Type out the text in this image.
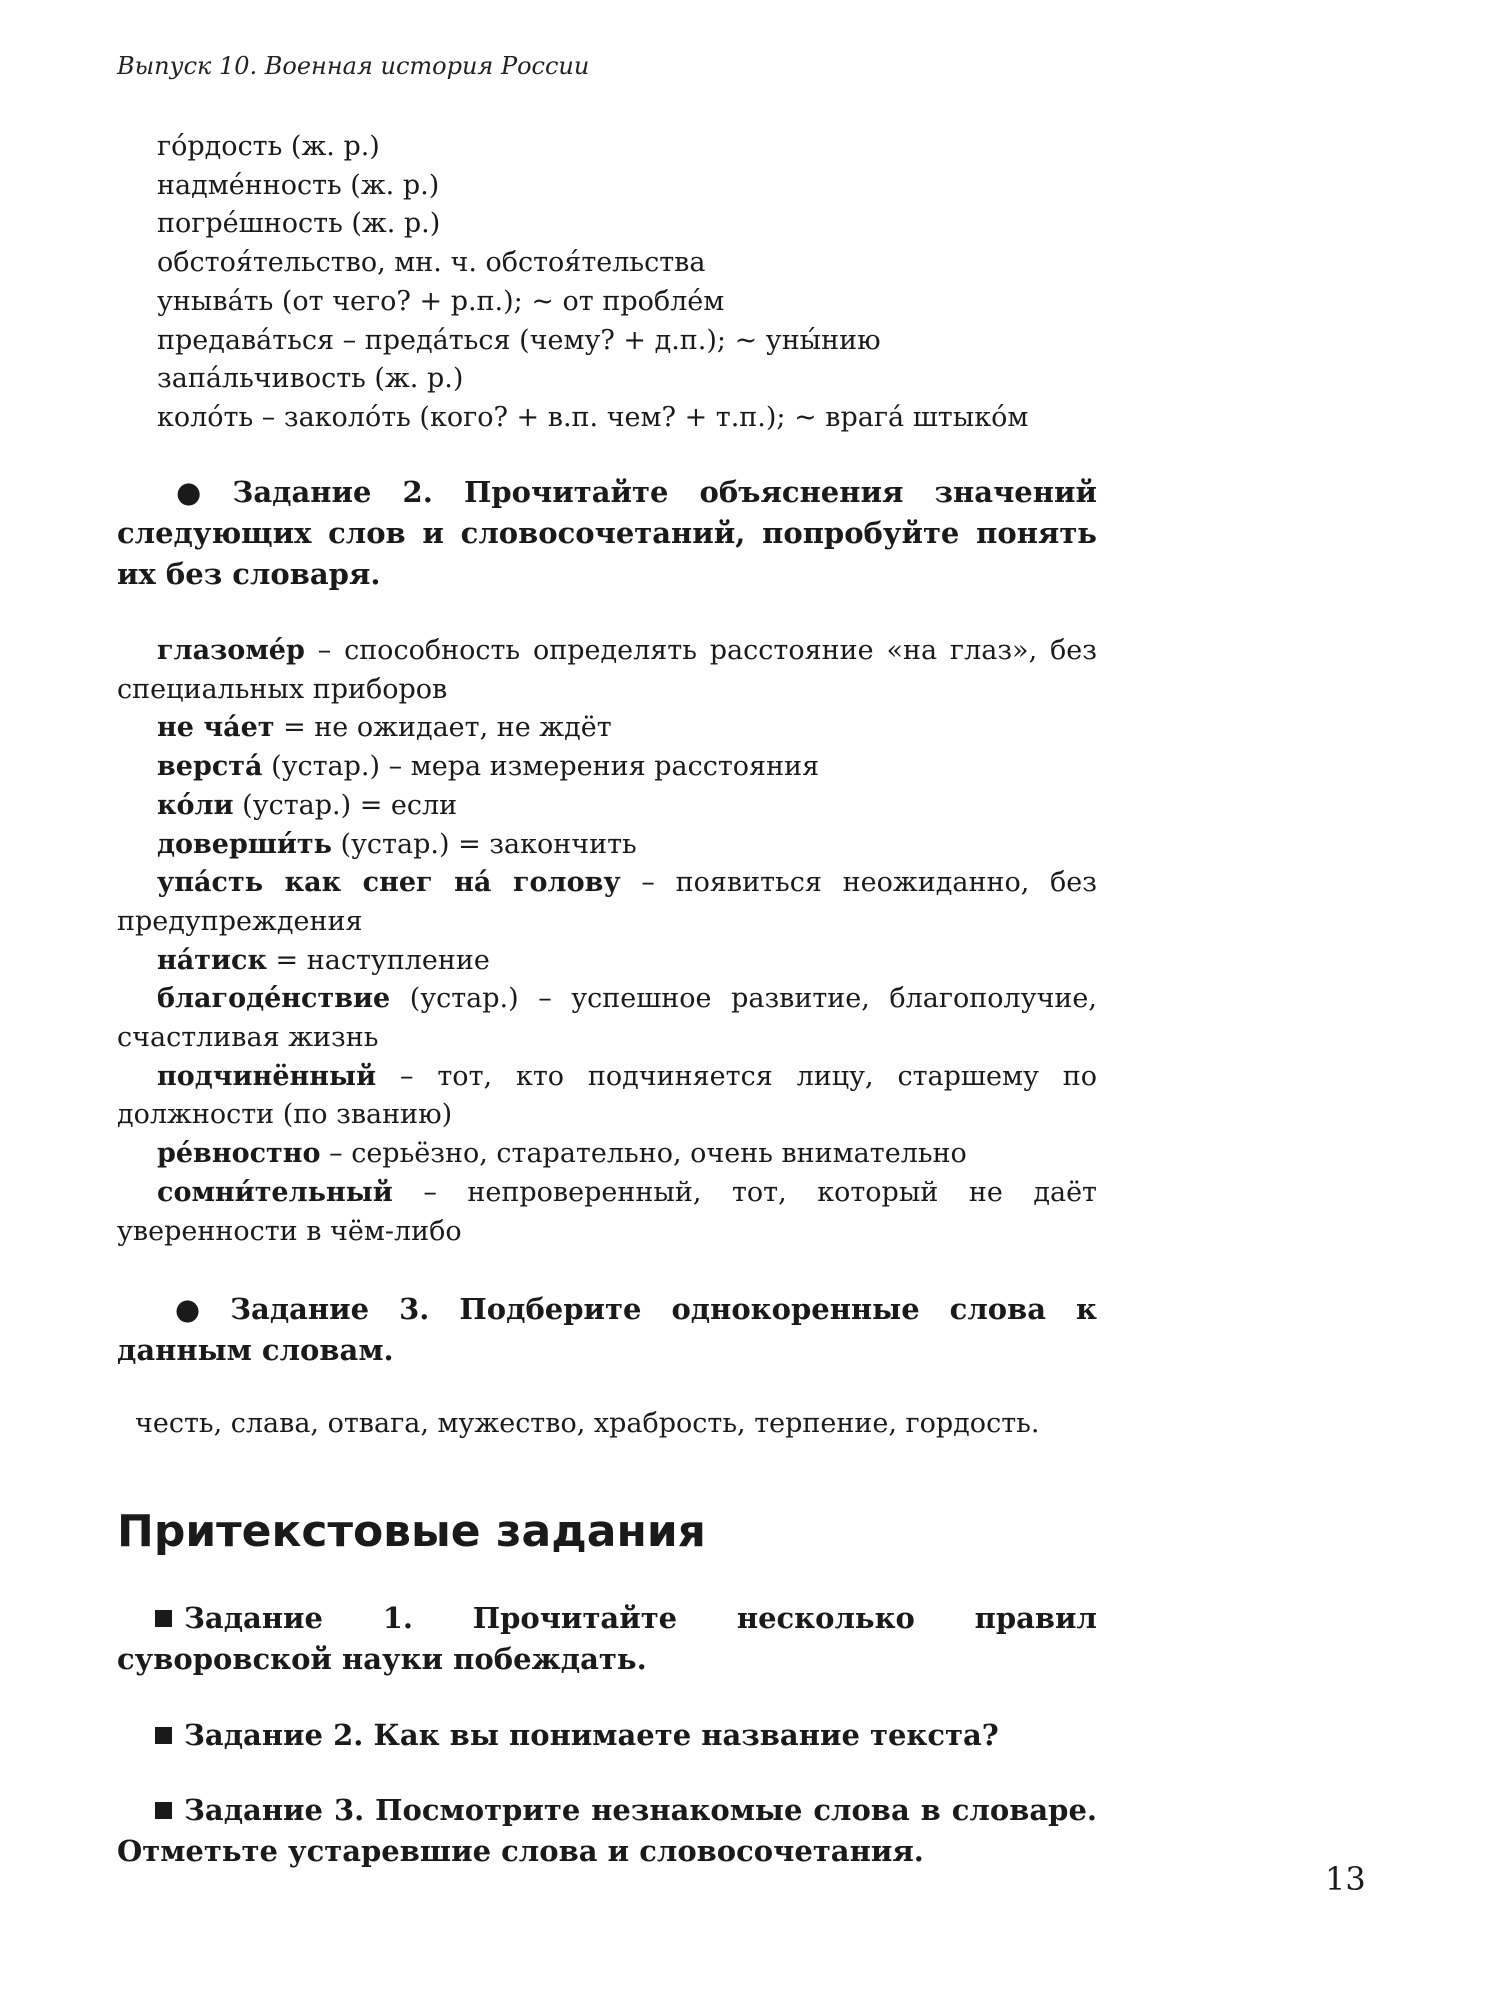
Выпуск 10. Военная история России
го́рдость (ж. р.)
надме́нность (ж. р.)
погре́шность (ж. р.)
обстоя́тельство, мн. ч. обстоя́тельства
унывáть (от чего? + р.п.); ~ от пробле́м
предавáться – предáться (чему? + д.п.); ~ уны́нию
запáльчивость (ж. р.)
коло́ть – заколо́ть (кого? + в.п. чем? + т.п.); ~ врагá штыко́м
● Задание 2. Прочитайте объяснения значений следующих слов и словосочетаний, попробуйте понять их без словаря.
глазоме́р – способность определять расстояние «на глаз», без специальных приборов
не чáет = не ожидает, не ждёт
верстá (устар.) – мера измерения расстояния
ко́ли (устар.) = если
доверши́ть (устар.) = закончить
упáсть как снег нá голову – появиться неожиданно, без предупреждения
нáтиск = наступление
благоде́нствие (устар.) – успешное развитие, благополучие, счастливая жизнь
подчинённый – тот, кто подчиняется лицу, старшему по должности (по званию)
ре́вностно – серьёзно, старательно, очень внимательно
сомни́тельный – непроверенный, тот, который не даёт уверенности в чём-либо
● Задание 3. Подберите однокоренные слова к данным словам.
честь, слава, отвага, мужество, храбрость, терпение, гордость.
Притекстовые задания
Задание 1. Прочитайте несколько правил суворовской науки побеждать.
Задание 2. Как вы понимаете название текста?
Задание 3. Посмотрите незнакомые слова в словаре. Отметьте устаревшие слова и словосочетания.
13
